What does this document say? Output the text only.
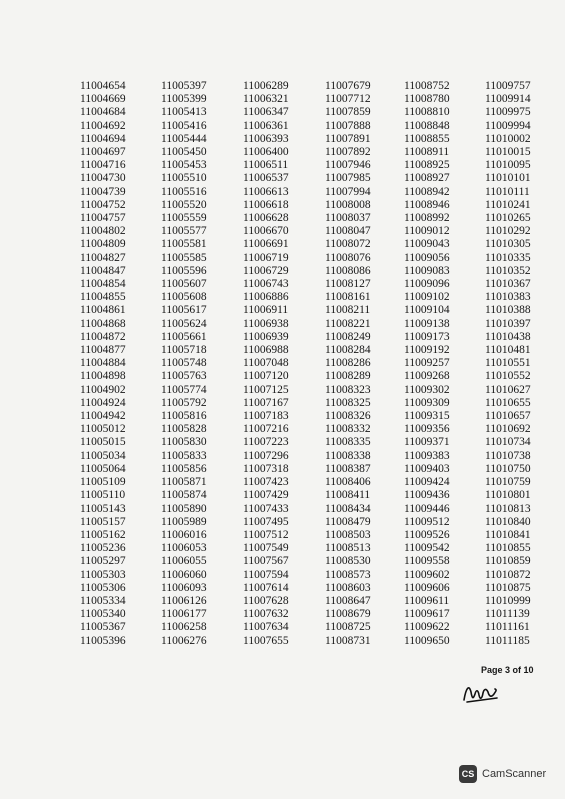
11004654
11004669
11004684
11004692
11004694
11004697
11004716
11004730
11004739
11004752
11004757
11004802
11004809
11004827
11004847
11004854
11004855
11004861
11004868
11004872
11004877
11004884
11004898
11004902
11004924
11004942
11005012
11005015
11005034
11005064
11005109
11005110
11005143
11005157
11005162
11005236
11005297
11005303
11005306
11005334
11005340
11005367
11005396
11005397
11005399
11005413
11005416
11005444
11005450
11005453
11005510
11005516
11005520
11005559
11005577
11005581
11005585
11005596
11005607
11005608
11005617
11005624
11005661
11005718
11005748
11005763
11005774
11005792
11005816
11005828
11005830
11005833
11005856
11005871
11005874
11005890
11005989
11006016
11006053
11006055
11006060
11006093
11006126
11006177
11006258
11006276
11006289
11006321
11006347
11006361
11006393
11006400
11006511
11006537
11006613
11006618
11006628
11006670
11006691
11006719
11006729
11006743
11006886
11006911
11006938
11006939
11006988
11007048
11007120
11007125
11007167
11007183
11007216
11007223
11007296
11007318
11007423
11007429
11007433
11007495
11007512
11007549
11007567
11007594
11007614
11007628
11007632
11007634
11007655
11007679
11007712
11007859
11007888
11007891
11007892
11007946
11007985
11007994
11008008
11008037
11008047
11008072
11008076
11008086
11008127
11008161
11008211
11008221
11008249
11008284
11008286
11008289
11008323
11008325
11008326
11008332
11008335
11008338
11008387
11008406
11008411
11008434
11008479
11008503
11008513
11008530
11008573
11008603
11008647
11008679
11008725
11008731
11008752
11008780
11008810
11008848
11008855
11008911
11008925
11008927
11008942
11008946
11008992
11009012
11009043
11009056
11009083
11009096
11009102
11009104
11009138
11009173
11009192
11009257
11009268
11009302
11009309
11009315
11009356
11009371
11009383
11009403
11009424
11009436
11009446
11009512
11009526
11009542
11009558
11009602
11009606
11009611
11009617
11009622
11009650
11009757
11009914
11009975
11009994
11010002
11010015
11010095
11010101
11010111
11010241
11010265
11010292
11010305
11010335
11010352
11010367
11010383
11010388
11010397
11010438
11010481
11010551
11010552
11010627
11010655
11010657
11010692
11010734
11010738
11010750
11010759
11010801
11010813
11010840
11010841
11010855
11010859
11010872
11010875
11010999
11011139
11011161
11011185
Page 3 of 10
CS CamScanner
